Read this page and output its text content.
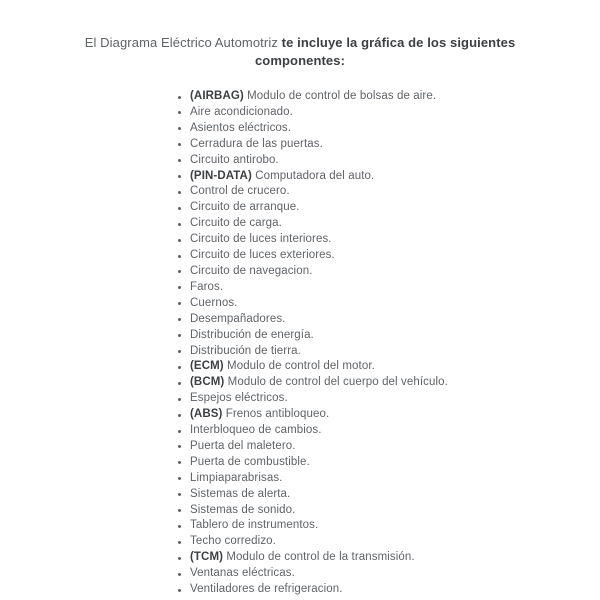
El Diagrama Eléctrico Automotriz te incluye la gráfica de los siguientes componentes:
(AIRBAG) Modulo de control de bolsas de aire.
Aire acondicionado.
Asientos eléctricos.
Cerradura de las puertas.
Circuito antirobo.
(PIN-DATA) Computadora del auto.
Control de crucero.
Circuito de arranque.
Circuito de carga.
Circuito de luces interiores.
Circuito de luces exteriores.
Circuito de navegacion.
Faros.
Cuernos.
Desempañadores.
Distribución de energía.
Distribución de tierra.
(ECM) Modulo de control del motor.
(BCM) Modulo de control del cuerpo del vehículo.
Espejos eléctricos.
(ABS) Frenos antibloqueo.
Interbloqueo de cambios.
Puerta del maletero.
Puerta de combustible.
Limpiaparabrisas.
Sistemas de alerta.
Sistemas de sonido.
Tablero de instrumentos.
Techo corredizo.
(TCM) Modulo de control de la transmisión.
Ventanas eléctricas.
Ventiladores de refrigeracion.
